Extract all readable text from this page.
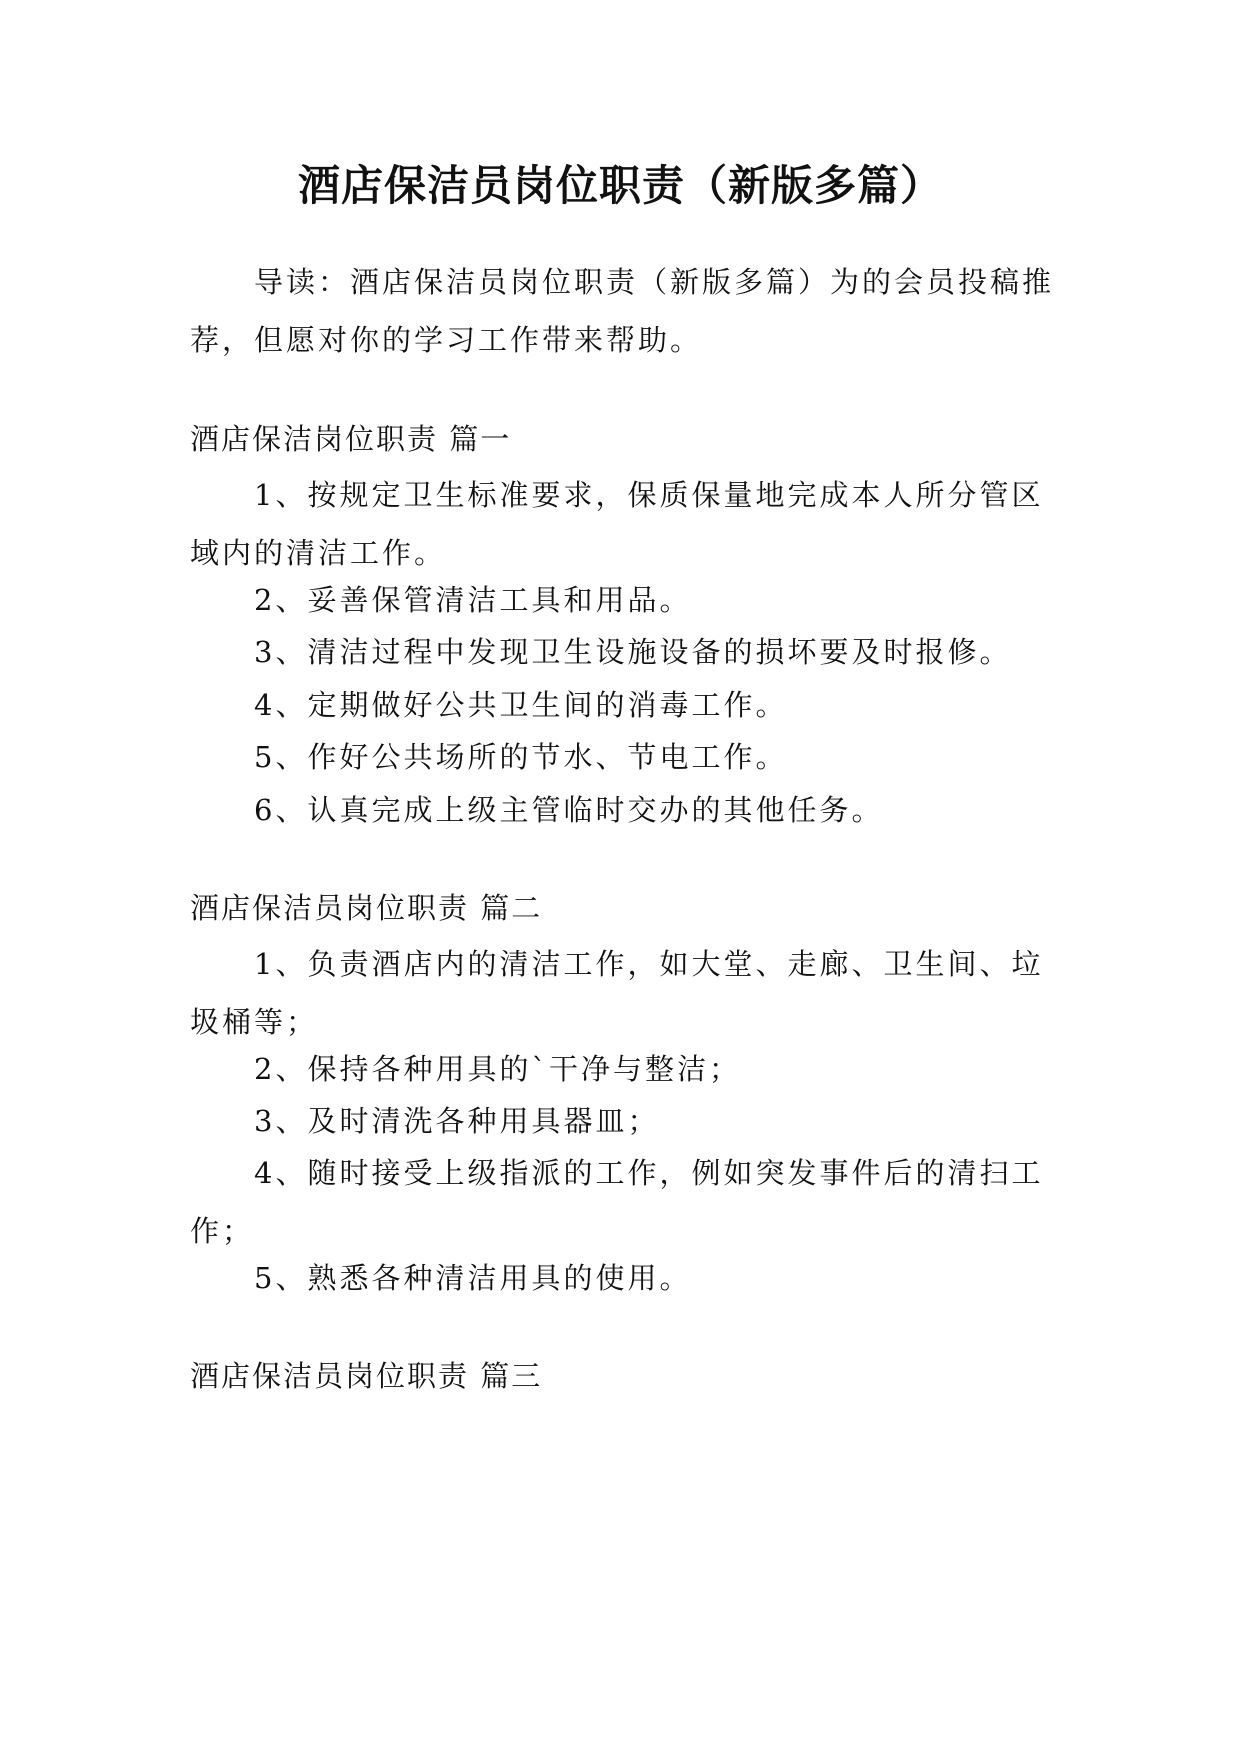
酒店保洁员岗位职责（新版多篇）

导读：酒店保洁员岗位职责（新版多篇）为的会员投稿推荐，但愿对你的学习工作带来帮助。

酒店保洁岗位职责 篇一

1、按规定卫生标准要求，保质保量地完成本人所分管区域内的清洁工作。

2、妥善保管清洁工具和用品。

3、清洁过程中发现卫生设施设备的损坏要及时报修。

4、定期做好公共卫生间的消毒工作。

5、作好公共场所的节水、节电工作。

6、认真完成上级主管临时交办的其他任务。

酒店保洁员岗位职责 篇二

1、负责酒店内的清洁工作，如大堂、走廊、卫生间、垃圾桶等；

2、保持各种用具的`干净与整洁；

3、及时清洗各种用具器皿；

4、随时接受上级指派的工作，例如突发事件后的清扫工作；

5、熟悉各种清洁用具的使用。

酒店保洁员岗位职责 篇三
